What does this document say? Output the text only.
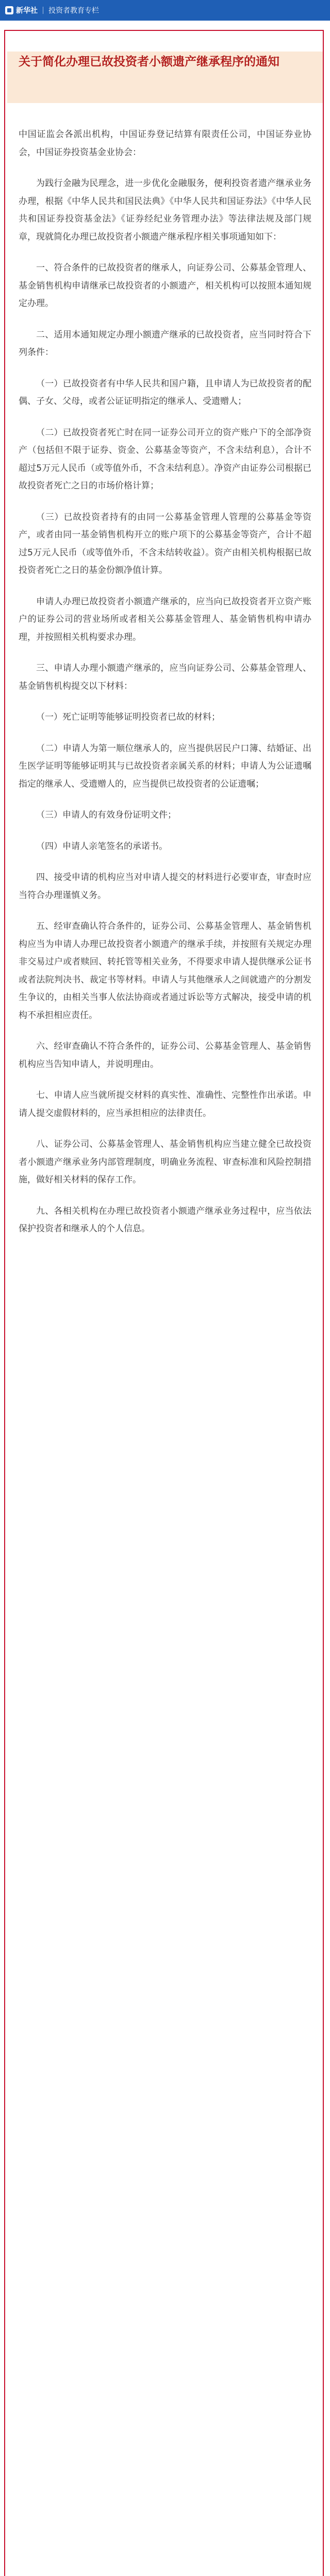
新华社 投资者教育专栏
关于简化办理已故投资者小额遗产继承程序的通知

中国证监会各派出机构，中国证券登记结算有限责任公司，中国证券业协会，中国证券投资基金业协会：

为践行金融为民理念，进一步优化金融服务，便利投资者遗产继承业务办理，根据《中华人民共和国民法典》《中华人民共和国证券法》《中华人民共和国证券投资基金法》《证券经纪业务管理办法》等法律法规及部门规章，现就简化办理已故投资者小额遗产继承程序相关事项通知如下：

一、符合条件的已故投资者的继承人，向证券公司、公募基金管理人、基金销售机构申请继承已故投资者的小额遗产，相关机构可以按照本通知规定办理。

二、适用本通知规定办理小额遗产继承的已故投资者，应当同时符合下列条件：

（一）已故投资者有中华人民共和国户籍，且申请人为已故投资者的配偶、子女、父母，或者公证证明指定的继承人、受遗赠人；

（二）已故投资者死亡时在同一证券公司开立的资产账户下的全部净资产（包括但不限于证券、资金、公募基金等资产，不含未结利息），合计不超过5万元人民币（或等值外币，不含未结利息）。净资产由证券公司根据已故投资者死亡之日的市场价格计算；

（三）已故投资者持有的由同一公募基金管理人管理的公募基金等资产，或者由同一基金销售机构开立的账户项下的公募基金等资产，合计不超过5万元人民币（或等值外币，不含未结转收益）。资产由相关机构根据已故投资者死亡之日的基金份额净值计算。

申请人办理已故投资者小额遗产继承的，应当向已故投资者开立资产账户的证券公司的营业场所或者相关公募基金管理人、基金销售机构申请办理，并按照相关机构要求办理。

三、申请人办理小额遗产继承的，应当向证券公司、公募基金管理人、基金销售机构提交以下材料：

（一）死亡证明等能够证明投资者已故的材料；

（二）申请人为第一顺位继承人的，应当提供居民户口簿、结婚证、出生医学证明等能够证明其与已故投资者亲属关系的材料；申请人为公证遗嘱指定的继承人、受遗赠人的，应当提供已故投资者的公证遗嘱；

（三）申请人的有效身份证明文件；

（四）申请人亲笔签名的承诺书。

四、接受申请的机构应当对申请人提交的材料进行必要审查，审查时应当符合办理谨慎义务。

五、经审查确认符合条件的，证券公司、公募基金管理人、基金销售机构应当为申请人办理已故投资者小额遗产的继承手续，并按照有关规定办理非交易过户或者赎回、转托管等相关业务，不得要求申请人提供继承公证书或者法院判决书、裁定书等材料。申请人与其他继承人之间就遗产的分割发生争议的，由相关当事人依法协商或者通过诉讼等方式解决，接受申请的机构不承担相应责任。

六、经审查确认不符合条件的，证券公司、公募基金管理人、基金销售机构应当告知申请人，并说明理由。

七、申请人应当就所提交材料的真实性、准确性、完整性作出承诺。申请人提交虚假材料的，应当承担相应的法律责任。

八、证券公司、公募基金管理人、基金销售机构应当建立健全已故投资者小额遗产继承业务内部管理制度，明确业务流程、审查标准和风险控制措施，做好相关材料的保存工作。

九、各相关机构在办理已故投资者小额遗产继承业务过程中，应当依法保护投资者和继承人的个人信息。
